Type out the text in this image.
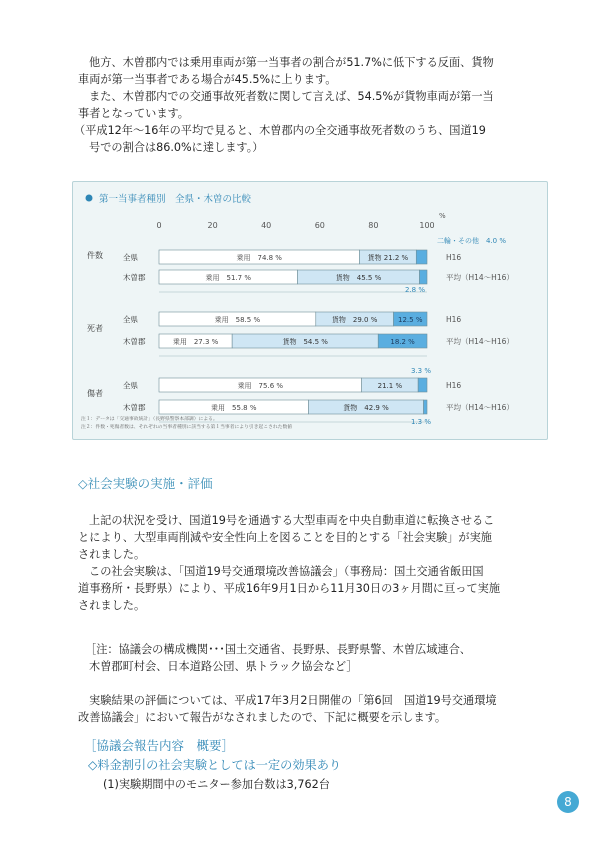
他方、木曽郡内では乗用車両が第一当事者の割合が51.7%に低下する反面、貨物

車両が第一当事者である場合が45.5%に上ります。

また、木曽郡内での交通事故死者数に関して言えば、54.5%が貨物車両が第一当

事者となっています。

（平成12年～16年の平均で見ると、木曽郡内の全交通事故死者数のうち、国道19

号での割合は86.0%に達します。）

第一当事者種別　全県・木曽の比較
0	20	40	60	80	100
%
件数	全県	H16
乗用　74.8 %	貨物 21.2 %
木曽郡	平均（H14～H16）
乗用　51.7 %	貨物　45.5 %
死者
全県	H16
乗用　58.5 %	貨物　29.0 %	12.5 %
木曽郡	平均（H14～H16）
乗用　27.3 %	貨物　54.5 %	18.2 %
傷者
全県	H16
乗用　75.6 %	21.1 %
木曽郡	平均（H14～H16）
乗用　55.8 %	貨物　42.9 %
二輪・その他　4.0 %
2.8 %
3.3 %
1.3 %
注１：データは「交通事故統計」（長野県警察本部調）による。
注２：件数・死傷者数は、それぞれの当事者種別に該当する第１当事者により引き起こされた数値
◇社会実験の実施・評価

上記の状況を受け、国道19号を通過する大型車両を中央自動車道に転換させるこ

とにより、大型車両削減や安全性向上を図ることを目的とする「社会実験」が実施

されました。

この社会実験は、「国道19号交通環境改善協議会」（事務局：国土交通省飯田国

道事務所・長野県）により、平成16年9月1日から11月30日の3ヶ月間に亘って実施

されました。

［注：協議会の構成機関･･･国土交通省、長野県、長野県警、木曽広域連合、

木曽郡町村会、日本道路公団、県トラック協会など］

実験結果の評価については、平成17年3月2日開催の「第6回　国道19号交通環境

改善協議会」において報告がなされましたので、下記に概要を示します。

［協議会報告内容　概要］
◇料金割引の社会実験としては一定の効果あり
(1)実験期間中のモニター参加台数は3,762台
8
